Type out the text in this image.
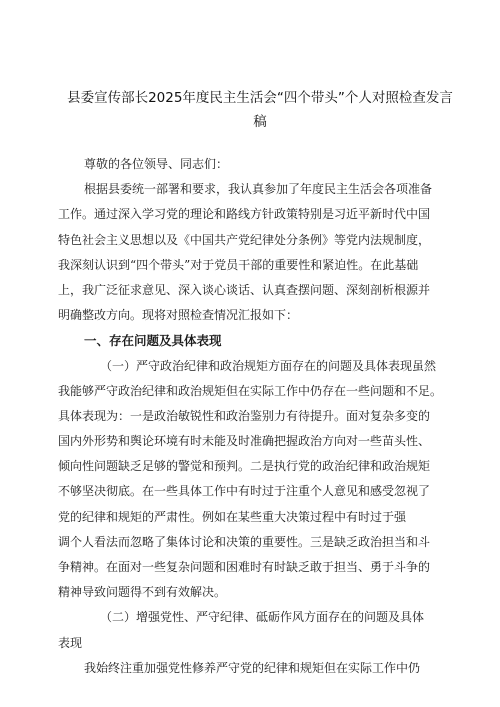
县委宣传部长2025年度民主生活会“四个带头”个人对照检查发言
稿
尊敬的各位领导、同志们：
根据县委统一部署和要求，我认真参加了年度民主生活会各项准备
工作。通过深入学习党的理论和路线方针政策特别是习近平新时代中国
特色社会主义思想以及《中国共产党纪律处分条例》等党内法规制度，
我深刻认识到“四个带头”对于党员干部的重要性和紧迫性。在此基础
上，我广泛征求意见、深入谈心谈话、认真查摆问题、深刻剖析根源并
明确整改方向。现将对照检查情况汇报如下：
一、存在问题及具体表现
（一）严守政治纪律和政治规矩方面存在的问题及具体表现虽然
我能够严守政治纪律和政治规矩但在实际工作中仍存在一些问题和不足。
具体表现为：一是政治敏锐性和政治鉴别力有待提升。面对复杂多变的
国内外形势和舆论环境有时未能及时准确把握政治方向对一些苗头性、
倾向性问题缺乏足够的警觉和预判。二是执行党的政治纪律和政治规矩
不够坚决彻底。在一些具体工作中有时过于注重个人意见和感受忽视了
党的纪律和规矩的严肃性。例如在某些重大决策过程中有时过于强
调个人看法而忽略了集体讨论和决策的重要性。三是缺乏政治担当和斗
争精神。在面对一些复杂问题和困难时有时缺乏敢于担当、勇于斗争的
精神导致问题得不到有效解决。
（二）增强党性、严守纪律、砥砺作风方面存在的问题及具体
表现
我始终注重加强党性修养严守党的纪律和规矩但在实际工作中仍
